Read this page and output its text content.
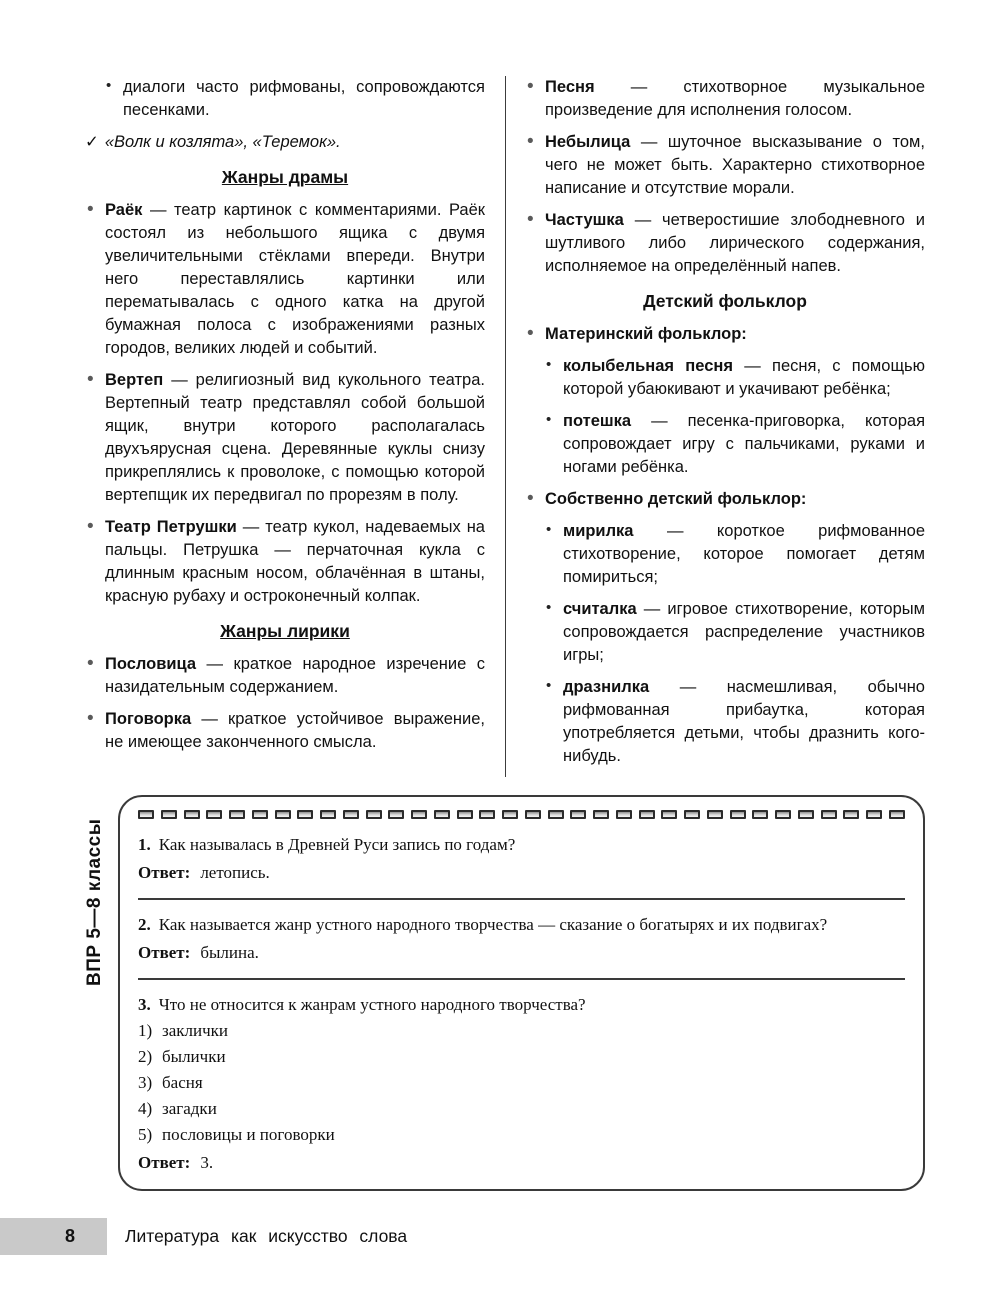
• диалоги часто рифмованы, сопровождаются песенками.

✓ «Волк и козлята», «Теремок».

Жанры драмы

• Раёк — театр картинок с комментариями. Раёк состоял из небольшого ящика с двумя увеличительными стёклами впереди. Внутри него переставлялись картинки или перематывалась с одного катка на другой бумажная полоса с изображениями разных городов, великих людей и событий.

• Вертеп — религиозный вид кукольного театра. Вертепный театр представлял собой большой ящик, внутри которого располагалась двухъярусная сцена. Деревянные куклы снизу прикреплялись к проволоке, с помощью которой вертепщик их передвигал по прорезям в полу.

• Театр Петрушки — театр кукол, надеваемых на пальцы. Петрушка — перчаточная кукла с длинным красным носом, облачённая в штаны, красную рубаху и остроконечный колпак.

Жанры лирики

• Пословица — краткое народное изречение с назидательным содержанием.

• Поговорка — краткое устойчивое выражение, не имеющее законченного смысла.

• Песня — стихотворное музыкальное произведение для исполнения голосом.

• Небылица — шуточное высказывание о том, чего не может быть. Характерно стихотворное написание и отсутствие морали.

• Частушка — четверостишие злободневного и шутливого либо лирического содержания, исполняемое на определённый напев.

Детский фольклор

• Материнский фольклор:

• колыбельная песня — песня, с помощью которой убаюкивают и укачивают ребёнка;

• потешка — песенка-приговорка, которая сопровождает игру с пальчиками, руками и ногами ребёнка.

• Собственно детский фольклор:

• мирилка — короткое рифмованное стихотворение, которое помогает детям помириться;

• считалка — игровое стихотворение, которым сопровождается распределение участников игры;

• дразнилка — насмешливая, обычно рифмованная прибаутка, которая употребляется детьми, чтобы дразнить кого-нибудь.

ВПР 5—8 классы 1. Как называлась в Древней Руси запись по годам?

Ответ: летопись.

2. Как называется жанр устного народного творчества — сказание о богатырях и их подвигах?

Ответ: былина.

3. Что не относится к жанрам устного народного творчества?

1) заклички

2) былички

3) басня

4) загадки

5) пословицы и поговорки

Ответ: 3.

8	Литература как искусство слова
